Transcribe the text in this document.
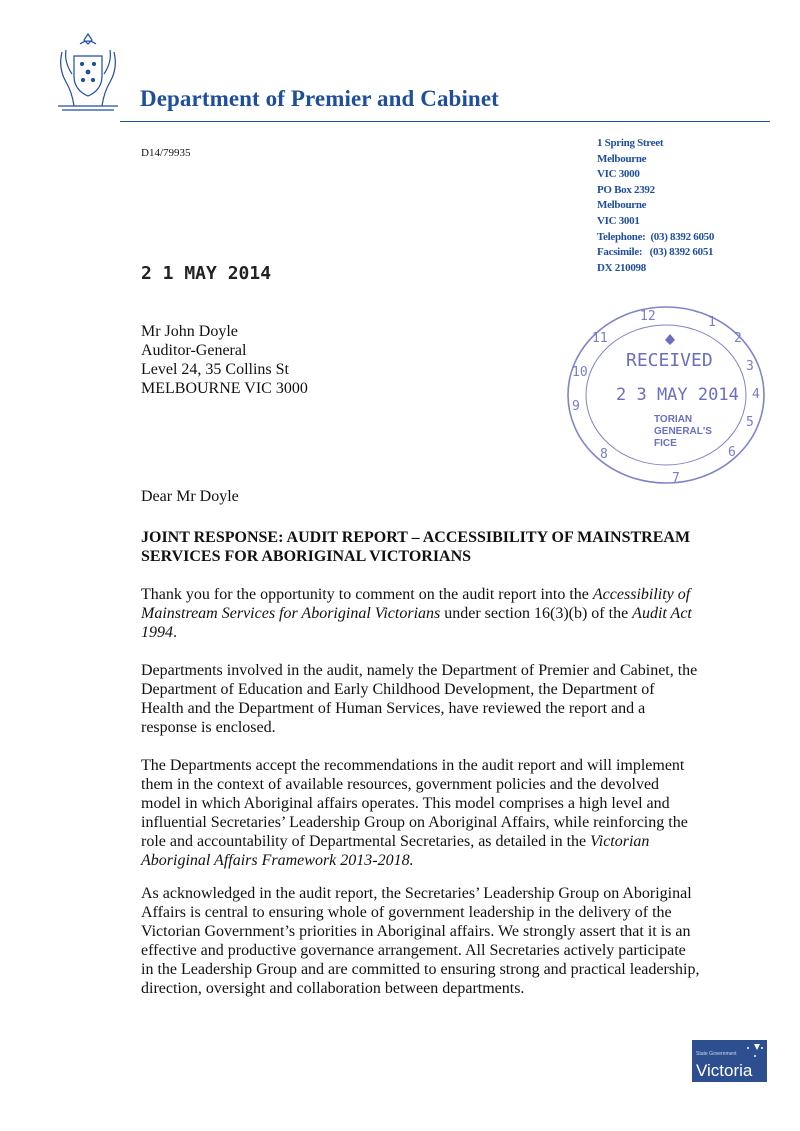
Department of Premier and Cabinet
D14/79935
1 Spring Street
Melbourne
VIC 3000
PO Box 2392
Melbourne
VIC 3001
Telephone:  (03) 8392 6050
Facsimile:   (03) 8392 6051
DX 210098
2 1 MAY 2014
Mr John Doyle
Auditor-General
Level 24, 35 Collins St
MELBOURNE VIC 3000
1
2
3
4
5
6
7
8
9
10
11
12
RECEIVED
2 3 MAY 2014
TORIAN
GENERAL'S
FICE
Dear Mr Doyle
JOINT RESPONSE: AUDIT REPORT – ACCESSIBILITY OF MAINSTREAM SERVICES FOR ABORIGINAL VICTORIANS
Thank you for the opportunity to comment on the audit report into the Accessibility of Mainstream Services for Aboriginal Victorians under section 16(3)(b) of the Audit Act 1994.
Departments involved in the audit, namely the Department of Premier and Cabinet, the Department of Education and Early Childhood Development, the Department of Health and the Department of Human Services, have reviewed the report and a response is enclosed.
The Departments accept the recommendations in the audit report and will implement them in the context of available resources, government policies and the devolved model in which Aboriginal affairs operates. This model comprises a high level and influential Secretaries’ Leadership Group on Aboriginal Affairs, while reinforcing the role and accountability of Departmental Secretaries, as detailed in the Victorian Aboriginal Affairs Framework 2013-2018.
As acknowledged in the audit report, the Secretaries’ Leadership Group on Aboriginal Affairs is central to ensuring whole of government leadership in the delivery of the Victorian Government’s priorities in Aboriginal affairs. We strongly assert that it is an effective and productive governance arrangement. All Secretaries actively participate in the Leadership Group and are committed to ensuring strong and practical leadership, direction, oversight and collaboration between departments.
State Government
Victoria
